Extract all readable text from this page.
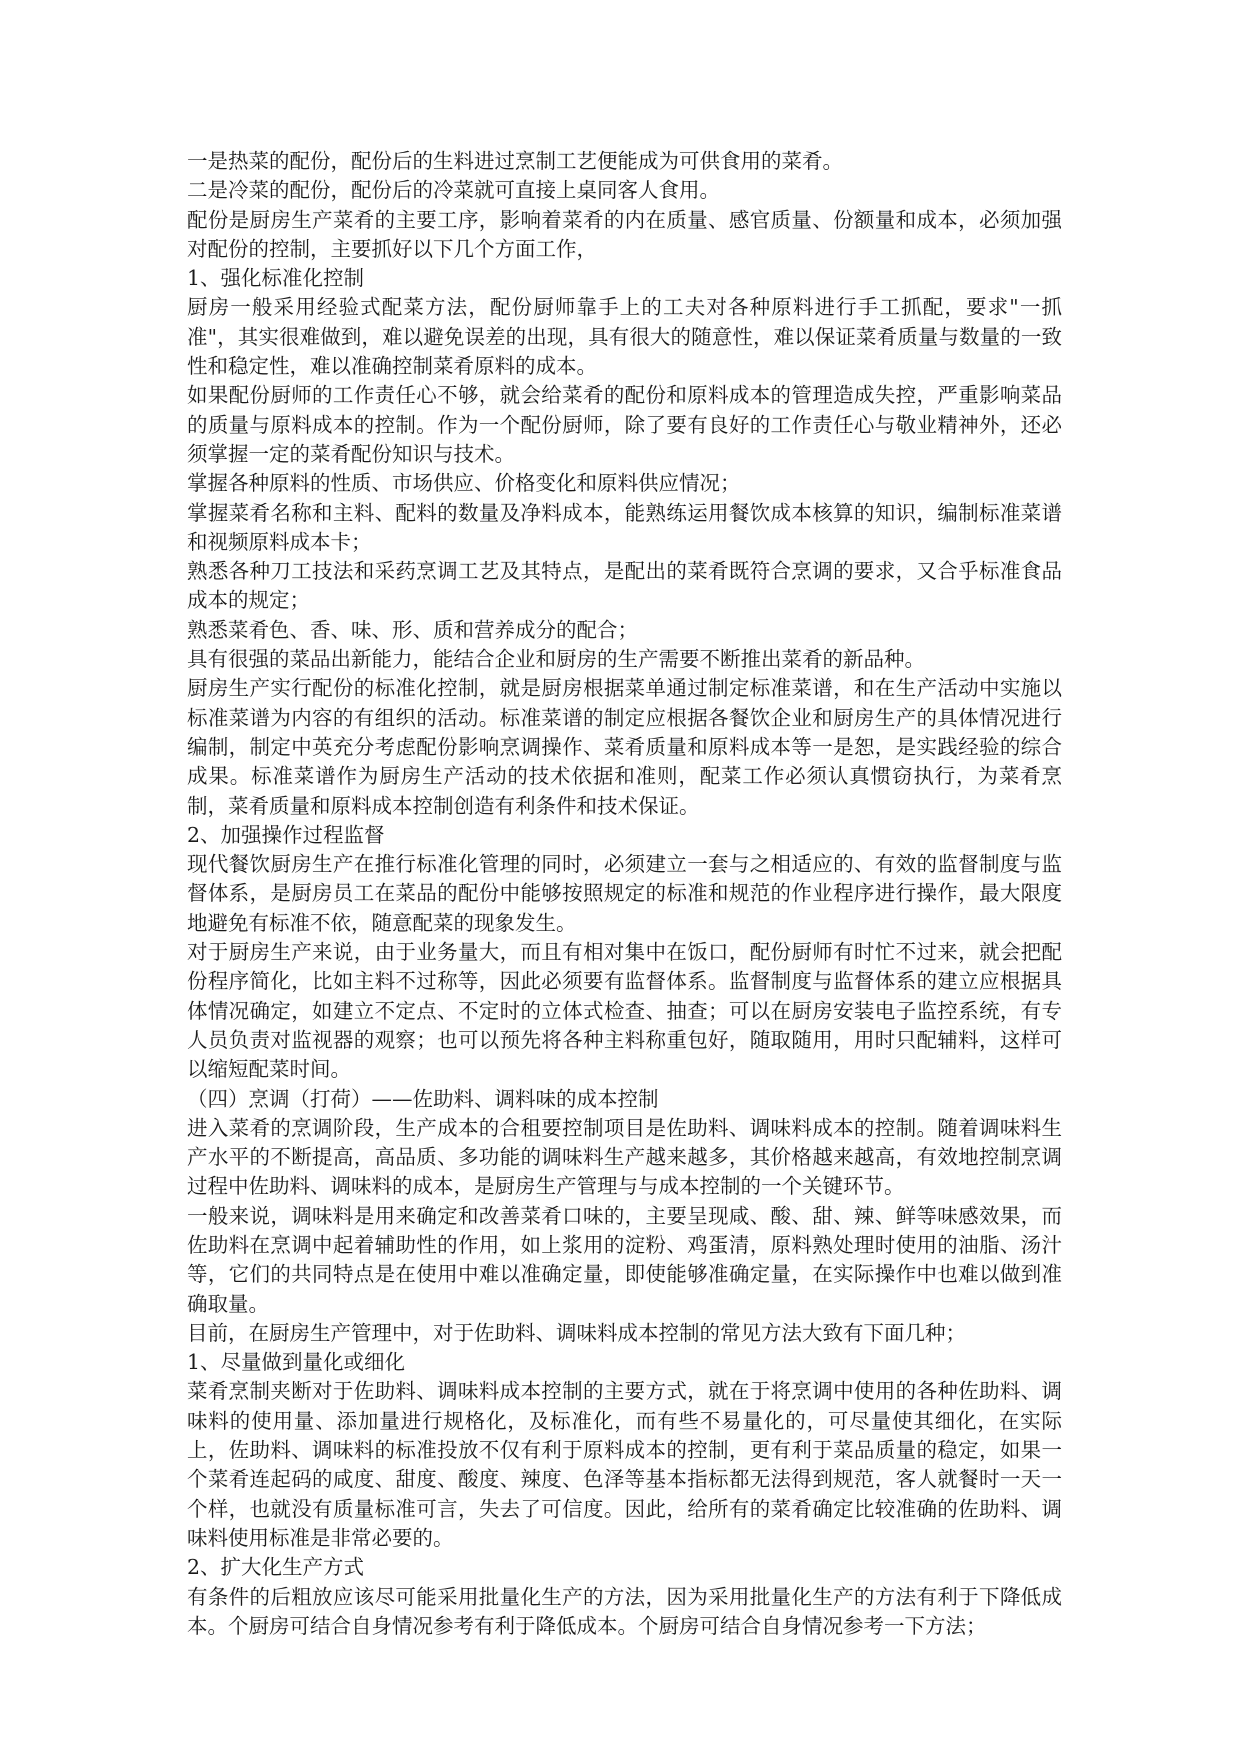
一是热菜的配份，配份后的生料进过烹制工艺便能成为可供食用的菜肴。

二是冷菜的配份，配份后的冷菜就可直接上桌同客人食用。

配份是厨房生产菜肴的主要工序，影响着菜肴的内在质量、感官质量、份额量和成本，必须加强对配份的控制，主要抓好以下几个方面工作，

1、强化标准化控制

厨房一般采用经验式配菜方法，配份厨师靠手上的工夫对各种原料进行手工抓配，要求"一抓准"，其实很难做到，难以避免误差的出现，具有很大的随意性，难以保证菜肴质量与数量的一致性和稳定性，难以准确控制菜肴原料的成本。

如果配份厨师的工作责任心不够，就会给菜肴的配份和原料成本的管理造成失控，严重影响菜品的质量与原料成本的控制。作为一个配份厨师，除了要有良好的工作责任心与敬业精神外，还必须掌握一定的菜肴配份知识与技术。

掌握各种原料的性质、市场供应、价格变化和原料供应情况；

掌握菜肴名称和主料、配料的数量及净料成本，能熟练运用餐饮成本核算的知识，编制标准菜谱和视频原料成本卡；

熟悉各种刀工技法和采药烹调工艺及其特点，是配出的菜肴既符合烹调的要求，又合乎标准食品成本的规定；

熟悉菜肴色、香、味、形、质和营养成分的配合；

具有很强的菜品出新能力，能结合企业和厨房的生产需要不断推出菜肴的新品种。

厨房生产实行配份的标准化控制，就是厨房根据菜单通过制定标准菜谱，和在生产活动中实施以标准菜谱为内容的有组织的活动。标准菜谱的制定应根据各餐饮企业和厨房生产的具体情况进行编制，制定中英充分考虑配份影响烹调操作、菜肴质量和原料成本等一是恕，是实践经验的综合成果。标准菜谱作为厨房生产活动的技术依据和准则，配菜工作必须认真惯窃执行，为菜肴烹制，菜肴质量和原料成本控制创造有利条件和技术保证。

2、加强操作过程监督

现代餐饮厨房生产在推行标准化管理的同时，必须建立一套与之相适应的、有效的监督制度与监督体系，是厨房员工在菜品的配份中能够按照规定的标准和规范的作业程序进行操作，最大限度地避免有标准不依，随意配菜的现象发生。

对于厨房生产来说，由于业务量大，而且有相对集中在饭口，配份厨师有时忙不过来，就会把配份程序简化，比如主料不过称等，因此必须要有监督体系。监督制度与监督体系的建立应根据具体情况确定，如建立不定点、不定时的立体式检查、抽查；可以在厨房安装电子监控系统，有专人员负责对监视器的观察；也可以预先将各种主料称重包好，随取随用，用时只配辅料，这样可以缩短配菜时间。

（四）烹调（打荷）——佐助料、调料味的成本控制

进入菜肴的烹调阶段，生产成本的合租要控制项目是佐助料、调味料成本的控制。随着调味料生产水平的不断提高，高品质、多功能的调味料生产越来越多，其价格越来越高，有效地控制烹调过程中佐助料、调味料的成本，是厨房生产管理与与成本控制的一个关键环节。

一般来说，调味料是用来确定和改善菜肴口味的，主要呈现咸、酸、甜、辣、鲜等味感效果，而佐助料在烹调中起着辅助性的作用，如上浆用的淀粉、鸡蛋清，原料熟处理时使用的油脂、汤汁等，它们的共同特点是在使用中难以准确定量，即使能够准确定量，在实际操作中也难以做到准确取量。

目前，在厨房生产管理中，对于佐助料、调味料成本控制的常见方法大致有下面几种；

1、尽量做到量化或细化

菜肴烹制夹断对于佐助料、调味料成本控制的主要方式，就在于将烹调中使用的各种佐助料、调味料的使用量、添加量进行规格化，及标准化，而有些不易量化的，可尽量使其细化，在实际上，佐助料、调味料的标准投放不仅有利于原料成本的控制，更有利于菜品质量的稳定，如果一个菜肴连起码的咸度、甜度、酸度、辣度、色泽等基本指标都无法得到规范，客人就餐时一天一个样，也就没有质量标准可言，失去了可信度。因此，给所有的菜肴确定比较准确的佐助料、调味料使用标准是非常必要的。

2、扩大化生产方式

有条件的后粗放应该尽可能采用批量化生产的方法，因为采用批量化生产的方法有利于下降低成本。个厨房可结合自身情况参考有利于降低成本。个厨房可结合自身情况参考一下方法；
